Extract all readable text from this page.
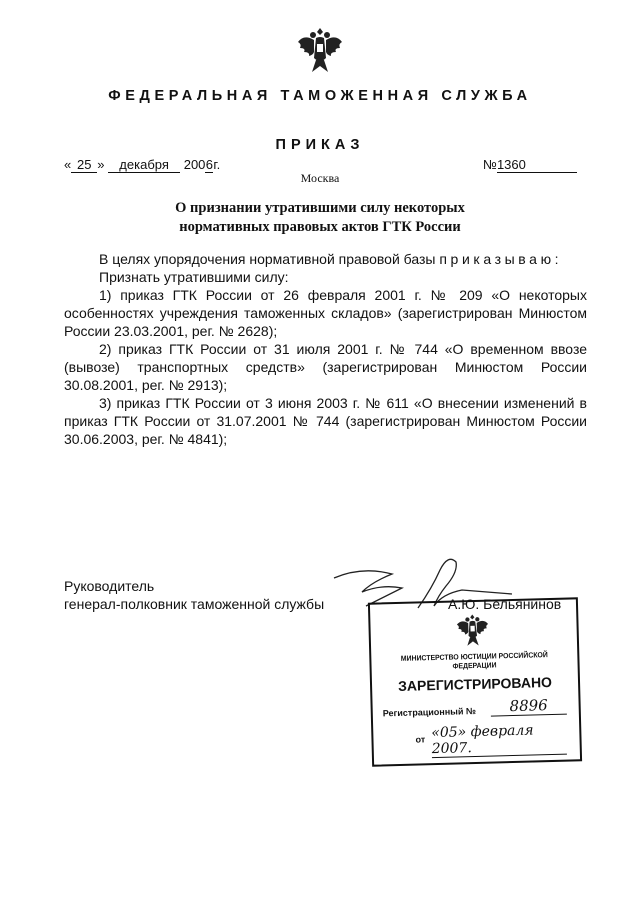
ФЕДЕРАЛЬНАЯ ТАМОЖЕННАЯ СЛУЖБА
ПРИКАЗ
« 25 » декабря 2006г.	№1360
Москва
О признании утратившими силу некоторых
нормативных правовых актов ГТК России

В целях упорядочения нормативной правовой базы приказываю:

Признать утратившими силу:

1) приказ ГТК России от 26 февраля 2001 г. № 209 «О некоторых особенностях учреждения таможенных складов» (зарегистрирован Минюстом России 23.03.2001, рег. № 2628);

2) приказ ГТК России от 31 июля 2001 г. № 744 «О временном ввозе (вывозе) транспортных средств» (зарегистрирован Минюстом России 30.08.2001, рег. № 2913);

3) приказ ГТК России от 3 июня 2003 г. № 611 «О внесении изменений в приказ ГТК России от 31.07.2001 № 744 (зарегистрирован Минюстом России 30.06.2003, рег. № 4841);

Руководитель
генерал-полковник таможенной службы	А.Ю. Бельянинов
МИНИСТЕРСТВО ЮСТИЦИИ РОССИЙСКОЙ ФЕДЕРАЦИИ
ЗАРЕГИСТРИРОВАНО
Регистрационный №	8896
от «05» февраля 2007.
